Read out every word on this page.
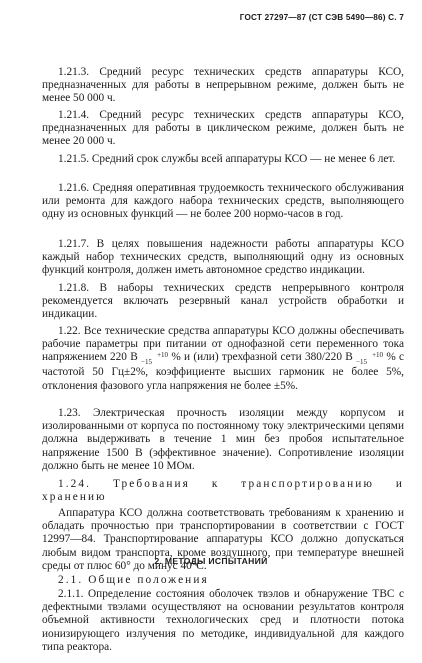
ГОСТ 27297—87 (СТ СЭВ 5490—86) С. 7

1.21.3. Средний ресурс технических средств аппаратуры КСО, предназначенных для работы в непрерывном режиме, должен быть не менее 50 000 ч.

1.21.4. Средний ресурс технических средств аппаратуры КСО, предназначенных для работы в циклическом режиме, должен быть не менее 20 000 ч.

1.21.5. Средний срок службы всей аппаратуры КСО — не менее 6 лет.

1.21.6. Средняя оперативная трудоемкость технического обслуживания или ремонта для каждого набора технических средств, выполняющего одну из основных функций — не более 200 нормо-часов в год.

1.21.7. В целях повышения надежности работы аппаратуры КСО каждый набор технических средств, выполняющий одну из основных функций контроля, должен иметь автономное средство индикации.

1.21.8. В наборы технических средств непрерывного контроля рекомендуется включать резервный канал устройств обработки и индикации.

1.22. Все технические средства аппаратуры КСО должны обеспечивать рабочие параметры при питании от однофазной сети переменного тока напряжением 220 В	+10
−15 % и (или) трехфазной сети 380/220 В	+10
−15 % с частотой 50 Гц±2%, коэффициенте высших гармоник не более 5%, отклонения фазового угла напряжения не более ±5%.

1.23. Электрическая прочность изоляции между корпусом и изолированными от корпуса по постоянному току электрическими цепями должна выдерживать в течение 1 мин без пробоя испытательное напряжение 1500 В (эффективное значение). Сопротивление изоляции должно быть не менее 10 МОм.

1.24. Требования к транспортированию и хранению

Аппаратура КСО должна соответствовать требованиям к хранению и обладать прочностью при транспортировании в соответствии с ГОСТ 12997—84. Транспортирование аппаратуры КСО должно допускаться любым видом транспорта, кроме воздушного, при температуре внешней среды от плюс 60° до минус 40°С.

2. МЕТОДЫ ИСПЫТАНИЙ

2.1. Общие положения

2.1.1. Определение состояния оболочек твэлов и обнаружение ТВС с дефектными твэлами осуществляют на основании результатов контроля объемной активности технологических сред и плотности потока ионизирующего излучения по методике, индивидуальной для каждого типа реактора.
